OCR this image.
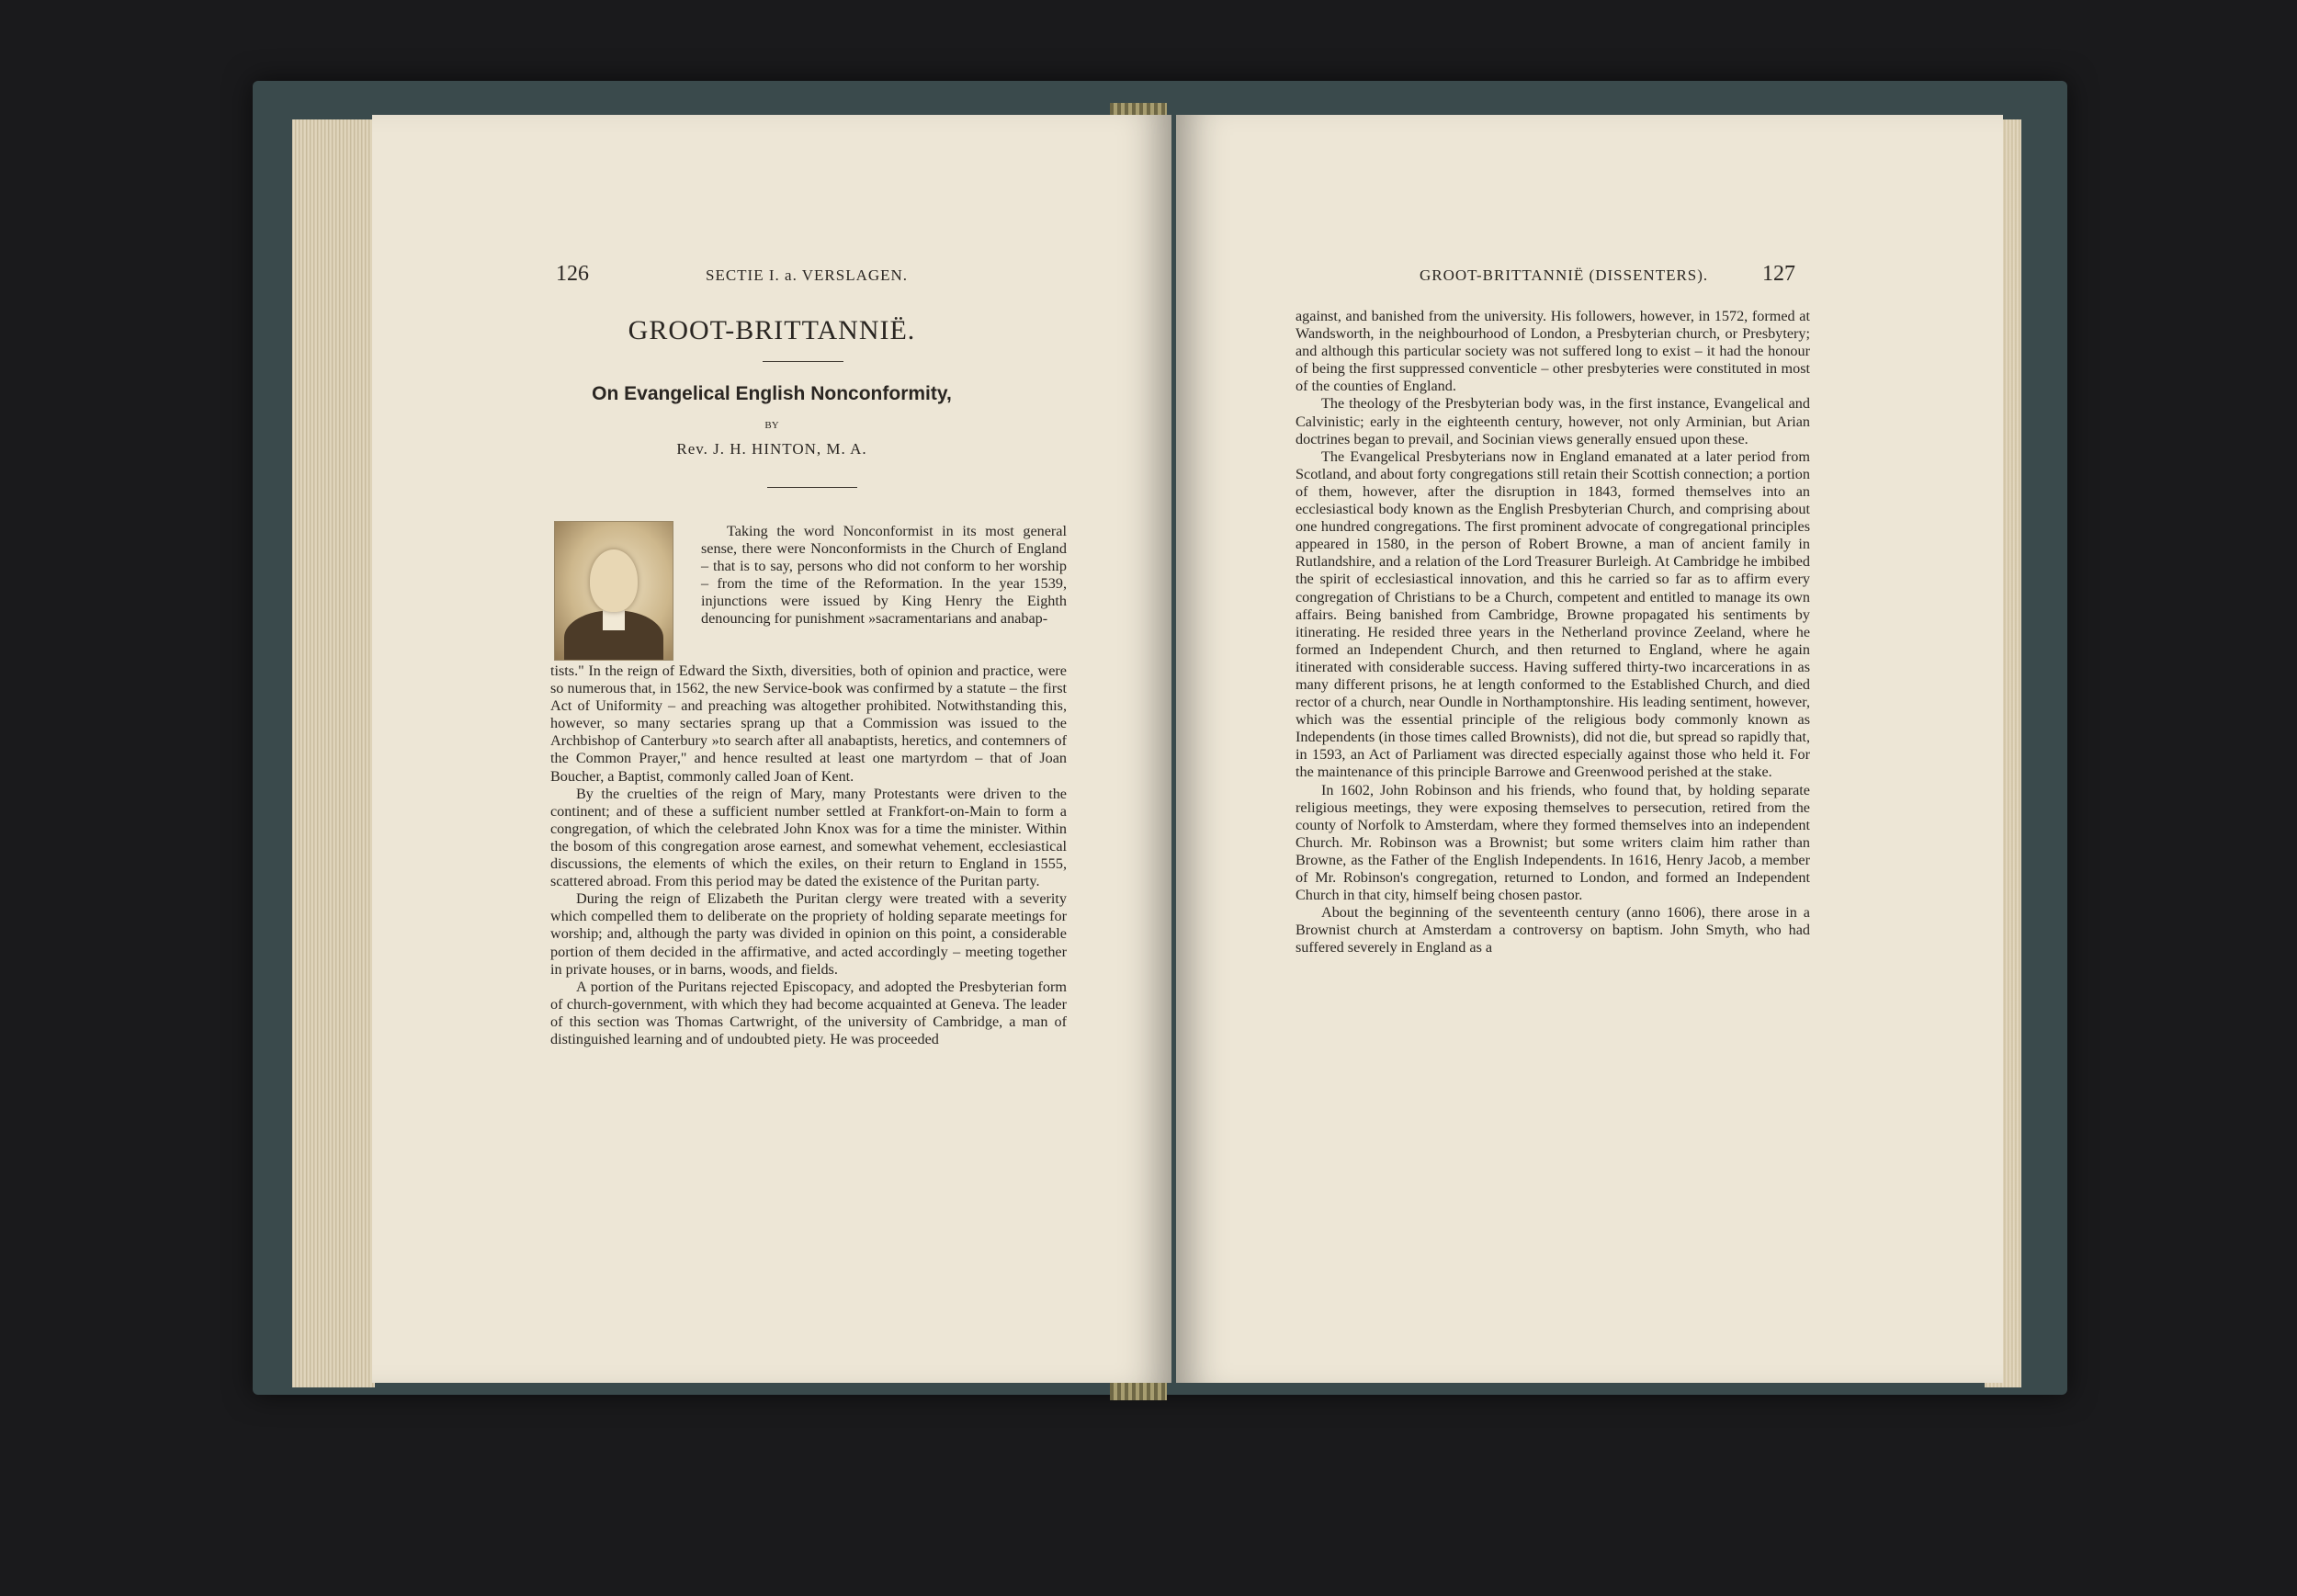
126	SECTIE I. a. VERSLAGEN.
GROOT-BRITTANNIË.
On Evangelical English Nonconformity,
BY
Rev. J. H. HINTON, M. A.

Taking the word Nonconformist in its most general sense, there were Nonconformists in the Church of England – that is to say, persons who did not conform to her worship – from the time of the Reformation. In the year 1539, injunctions were issued by King Henry the Eighth denouncing for punishment »sacramentarians and anabap-

tists." In the reign of Edward the Sixth, diversities, both of opinion and practice, were so numerous that, in 1562, the new Service-book was confirmed by a statute – the first Act of Uniformity – and preaching was altogether prohibited. Notwithstanding this, however, so many sectaries sprang up that a Commission was issued to the Archbishop of Canterbury »to search after all anabaptists, heretics, and contemners of the Common Prayer," and hence resulted at least one martyrdom – that of Joan Boucher, a Baptist, commonly called Joan of Kent.

By the cruelties of the reign of Mary, many Protestants were driven to the continent; and of these a sufficient number settled at Frankfort-on-Main to form a congregation, of which the celebrated John Knox was for a time the minister. Within the bosom of this congregation arose earnest, and somewhat vehement, ecclesiastical discussions, the elements of which the exiles, on their return to England in 1555, scattered abroad. From this period may be dated the existence of the Puritan party.

During the reign of Elizabeth the Puritan clergy were treated with a severity which compelled them to deliberate on the propriety of holding separate meetings for worship; and, although the party was divided in opinion on this point, a considerable portion of them decided in the affirmative, and acted accordingly – meeting together in private houses, or in barns, woods, and fields.

A portion of the Puritans rejected Episcopacy, and adopted the Presbyterian form of church-government, with which they had become acquainted at Geneva. The leader of this section was Thomas Cartwright, of the university of Cambridge, a man of distinguished learning and of undoubted piety. He was proceeded

GROOT-BRITTANNIË (DISSENTERS). 127

against, and banished from the university. His followers, however, in 1572, formed at Wandsworth, in the neighbourhood of London, a Presbyterian church, or Presbytery; and although this particular society was not suffered long to exist – it had the honour of being the first suppressed conventicle – other presbyteries were constituted in most of the counties of England.

The theology of the Presbyterian body was, in the first instance, Evangelical and Calvinistic; early in the eighteenth century, however, not only Arminian, but Arian doctrines began to prevail, and Socinian views generally ensued upon these.

The Evangelical Presbyterians now in England emanated at a later period from Scotland, and about forty congregations still retain their Scottish connection; a portion of them, however, after the disruption in 1843, formed themselves into an ecclesiastical body known as the English Presbyterian Church, and comprising about one hundred congregations. The first prominent advocate of congregational principles appeared in 1580, in the person of Robert Browne, a man of ancient family in Rutlandshire, and a relation of the Lord Treasurer Burleigh. At Cambridge he imbibed the spirit of ecclesiastical innovation, and this he carried so far as to affirm every congregation of Christians to be a Church, competent and entitled to manage its own affairs. Being banished from Cambridge, Browne propagated his sentiments by itinerating. He resided three years in the Netherland province Zeeland, where he formed an Independent Church, and then returned to England, where he again itinerated with considerable success. Having suffered thirty-two incarcerations in as many different prisons, he at length conformed to the Established Church, and died rector of a church, near Oundle in Northamptonshire. His leading sentiment, however, which was the essential principle of the religious body commonly known as Independents (in those times called Brownists), did not die, but spread so rapidly that, in 1593, an Act of Parliament was directed especially against those who held it. For the maintenance of this principle Barrowe and Greenwood perished at the stake.

In 1602, John Robinson and his friends, who found that, by holding separate religious meetings, they were exposing themselves to persecution, retired from the county of Norfolk to Amsterdam, where they formed themselves into an independent Church. Mr. Robinson was a Brownist; but some writers claim him rather than Browne, as the Father of the English Independents. In 1616, Henry Jacob, a member of Mr. Robinson's congregation, returned to London, and formed an Independent Church in that city, himself being chosen pastor.

About the beginning of the seventeenth century (anno 1606), there arose in a Brownist church at Amsterdam a controversy on baptism. John Smyth, who had suffered severely in England as a
